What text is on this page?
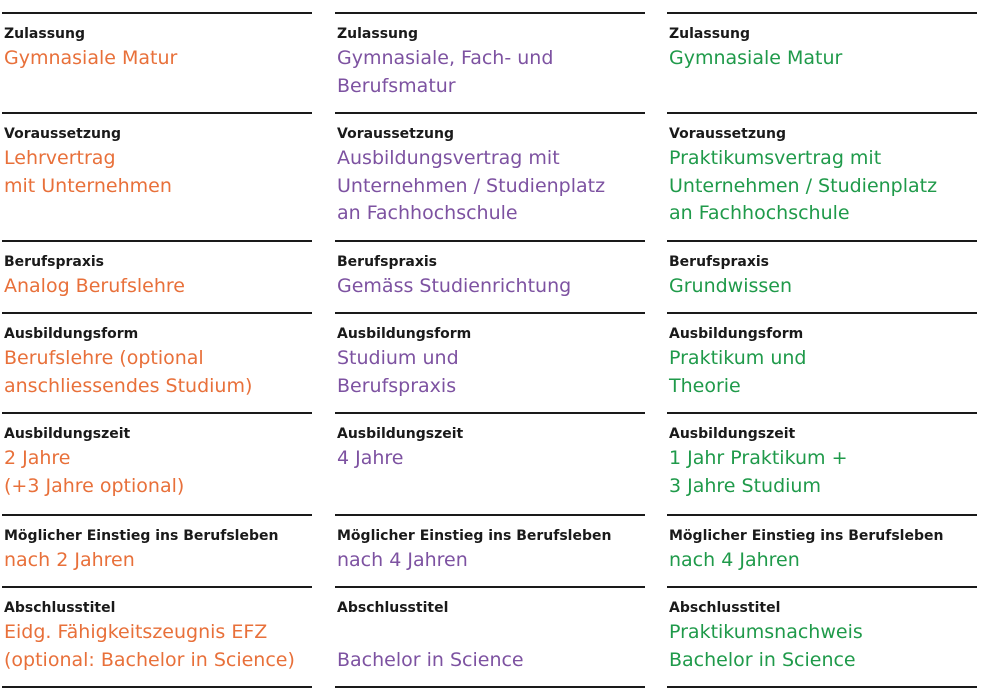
Zulassung
Gymnasiale Matur
Voraussetzung
Lehrvertrag
mit Unternehmen
Berufspraxis
Analog Berufslehre
Ausbildungsform
Berufslehre (optional
anschliessendes Studium)
Ausbildungszeit
2 Jahre
(+3 Jahre optional)
Möglicher Einstieg ins Berufsleben
nach 2 Jahren
Abschlusstitel
Eidg. Fähigkeitszeugnis EFZ
(optional: Bachelor in Science)
Zulassung
Gymnasiale, Fach- und
Berufsmatur
Voraussetzung
Ausbildungsvertrag mit
Unternehmen / Studienplatz
an Fachhochschule
Berufspraxis
Gemäss Studienrichtung
Ausbildungsform
Studium und
Berufspraxis
Ausbildungszeit
4 Jahre
Möglicher Einstieg ins Berufsleben
nach 4 Jahren
Abschlusstitel
Bachelor in Science
Zulassung
Gymnasiale Matur
Voraussetzung
Praktikumsvertrag mit
Unternehmen / Studienplatz
an Fachhochschule
Berufspraxis
Grundwissen
Ausbildungsform
Praktikum und
Theorie
Ausbildungszeit
1 Jahr Praktikum +
3 Jahre Studium
Möglicher Einstieg ins Berufsleben
nach 4 Jahren
Abschlusstitel
Praktikumsnachweis
Bachelor in Science
